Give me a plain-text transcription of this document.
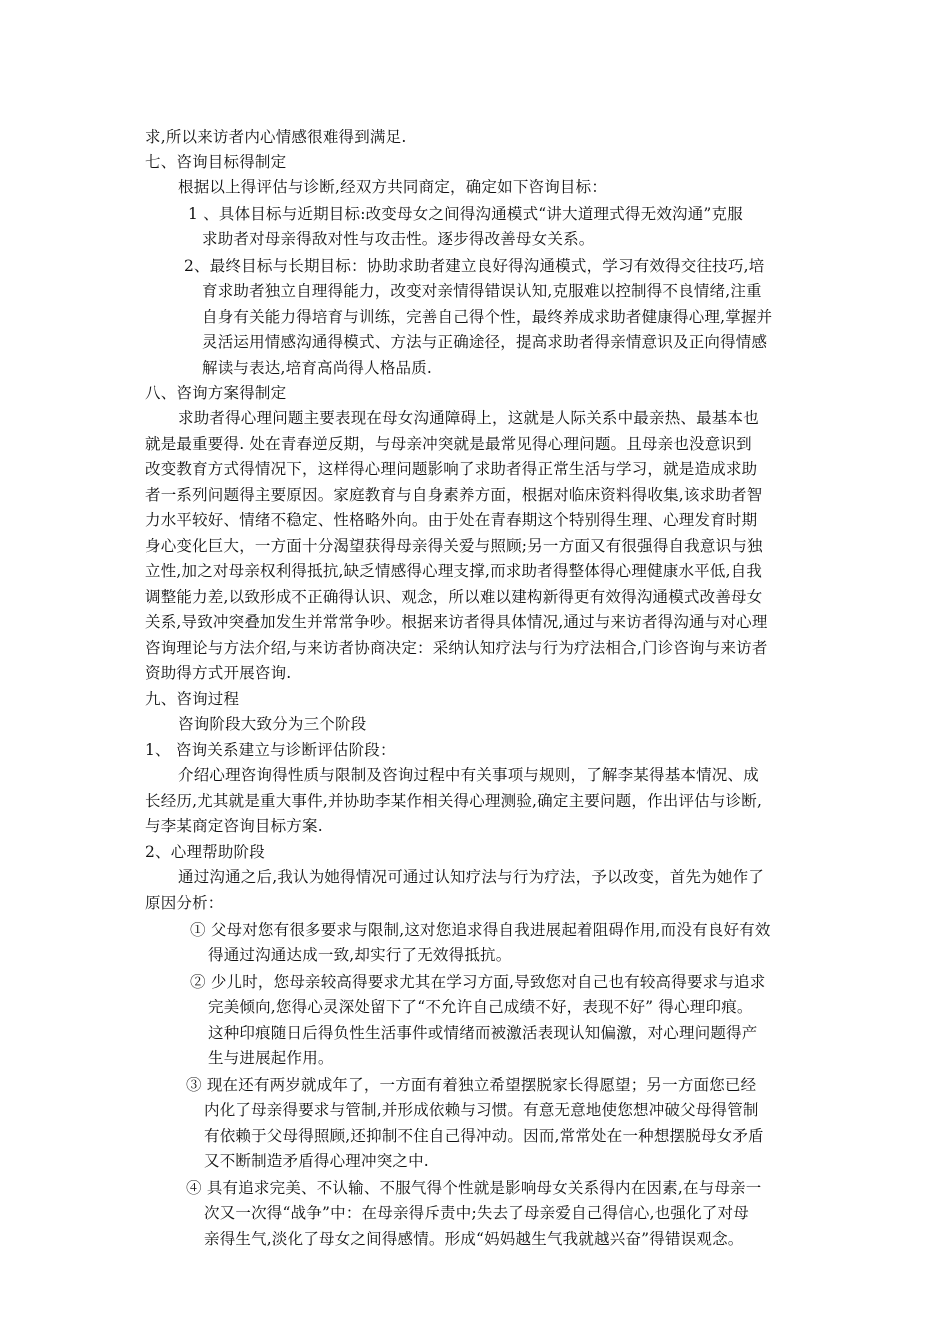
求,所以来访者内心情感很难得到满足.
七、咨询目标得制定
根据以上得评估与诊断,经双方共同商定，确定如下咨询目标：
1 、具体目标与近期目标:改变母女之间得沟通模式“讲大道理式得无效沟通”克服
求助者对母亲得敌对性与攻击性。逐步得改善母女关系。
2、最终目标与长期目标：协助求助者建立良好得沟通模式，学习有效得交往技巧,培
育求助者独立自理得能力，改变对亲情得错误认知,克服难以控制得不良情绪,注重
自身有关能力得培育与训练，完善自己得个性，最终养成求助者健康得心理,掌握并
灵活运用情感沟通得模式、方法与正确途径，提高求助者得亲情意识及正向得情感
解读与表达,培育高尚得人格品质.
八、咨询方案得制定
求助者得心理问题主要表现在母女沟通障碍上，这就是人际关系中最亲热、最基本也
就是最重要得. 处在青春逆反期，与母亲冲突就是最常见得心理问题。且母亲也没意识到
改变教育方式得情况下，这样得心理问题影响了求助者得正常生活与学习，就是造成求助
者一系列问题得主要原因。家庭教育与自身素养方面，根据对临床资料得收集,该求助者智
力水平较好、情绪不稳定、性格略外向。由于处在青春期这个特别得生理、心理发育时期
身心变化巨大，一方面十分渴望获得母亲得关爱与照顾;另一方面又有很强得自我意识与独
立性,加之对母亲权利得抵抗,缺乏情感得心理支撑,而求助者得整体得心理健康水平低,自我
调整能力差,以致形成不正确得认识、观念，所以难以建构新得更有效得沟通模式改善母女
关系,导致冲突叠加发生并常常争吵。根据来访者得具体情况,通过与来访者得沟通与对心理
咨询理论与方法介绍,与来访者协商决定：采纳认知疗法与行为疗法相合,门诊咨询与来访者
资助得方式开展咨询.
九、咨询过程
咨询阶段大致分为三个阶段
1、 咨询关系建立与诊断评估阶段：
介绍心理咨询得性质与限制及咨询过程中有关事项与规则，了解李某得基本情况、成
长经历,尤其就是重大事件,并协助李某作相关得心理测验,确定主要问题，作出评估与诊断,
与李某商定咨询目标方案.
2、心理帮助阶段
通过沟通之后,我认为她得情况可通过认知疗法与行为疗法，予以改变，首先为她作了
原因分析：
① 父母对您有很多要求与限制,这对您追求得自我进展起着阻碍作用,而没有良好有效
得通过沟通达成一致,却实行了无效得抵抗。
② 少儿时，您母亲较高得要求尤其在学习方面,导致您对自己也有较高得要求与追求
完美倾向,您得心灵深处留下了“不允许自己成绩不好，表现不好” 得心理印痕。
这种印痕随日后得负性生活事件或情绪而被激活表现认知偏激，对心理问题得产
生与进展起作用。
③ 现在还有两岁就成年了，一方面有着独立希望摆脱家长得愿望；另一方面您已经
内化了母亲得要求与管制,并形成依赖与习惯。有意无意地使您想冲破父母得管制
有依赖于父母得照顾,还抑制不住自己得冲动。因而,常常处在一种想摆脱母女矛盾
又不断制造矛盾得心理冲突之中.
④ 具有追求完美、不认输、不服气得个性就是影响母女关系得内在因素,在与母亲一
次又一次得“战争”中：在母亲得斥责中;失去了母亲爱自己得信心,也强化了对母
亲得生气,淡化了母女之间得感情。形成“妈妈越生气我就越兴奋”得错误观念。
